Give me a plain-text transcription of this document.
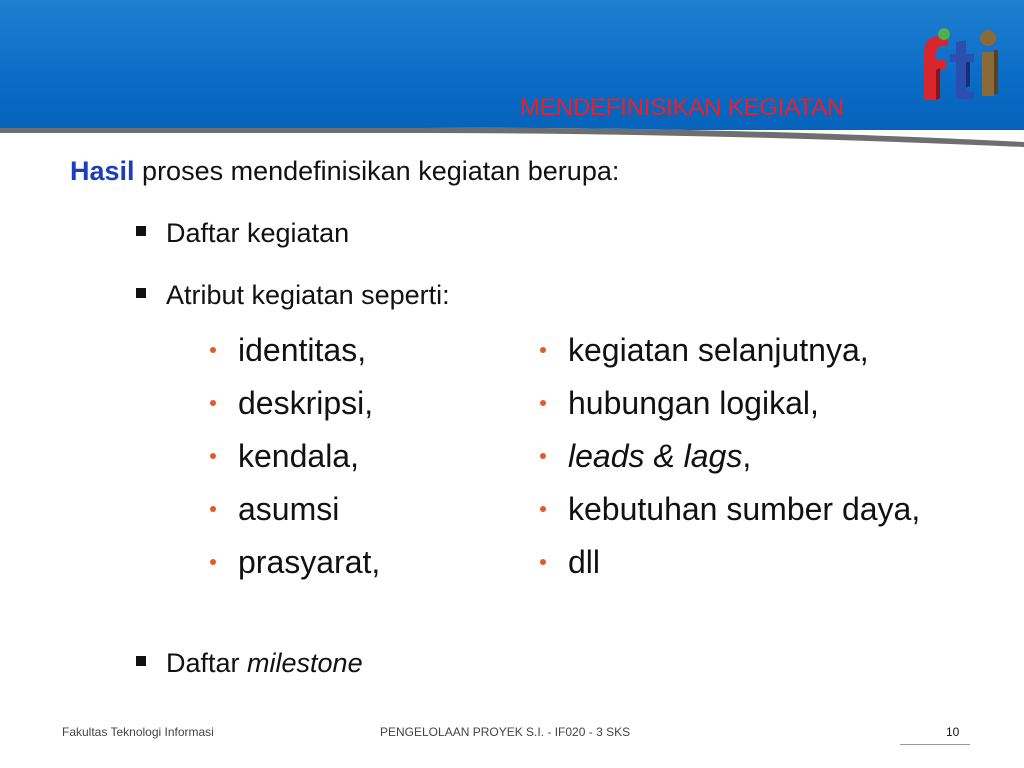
MENDEFINISIKAN KEGIATAN
Hasil proses mendefinisikan kegiatan berupa:
Daftar kegiatan
Atribut kegiatan seperti:
identitas,
deskripsi,
kendala,
asumsi
prasyarat,
kegiatan selanjutnya,
hubungan logikal,
leads & lags,
kebutuhan sumber daya,
dll
Daftar milestone
Fakultas Teknologi Informasi	PENGELOLAAN PROYEK S.I. - IF020 - 3 SKS	10
